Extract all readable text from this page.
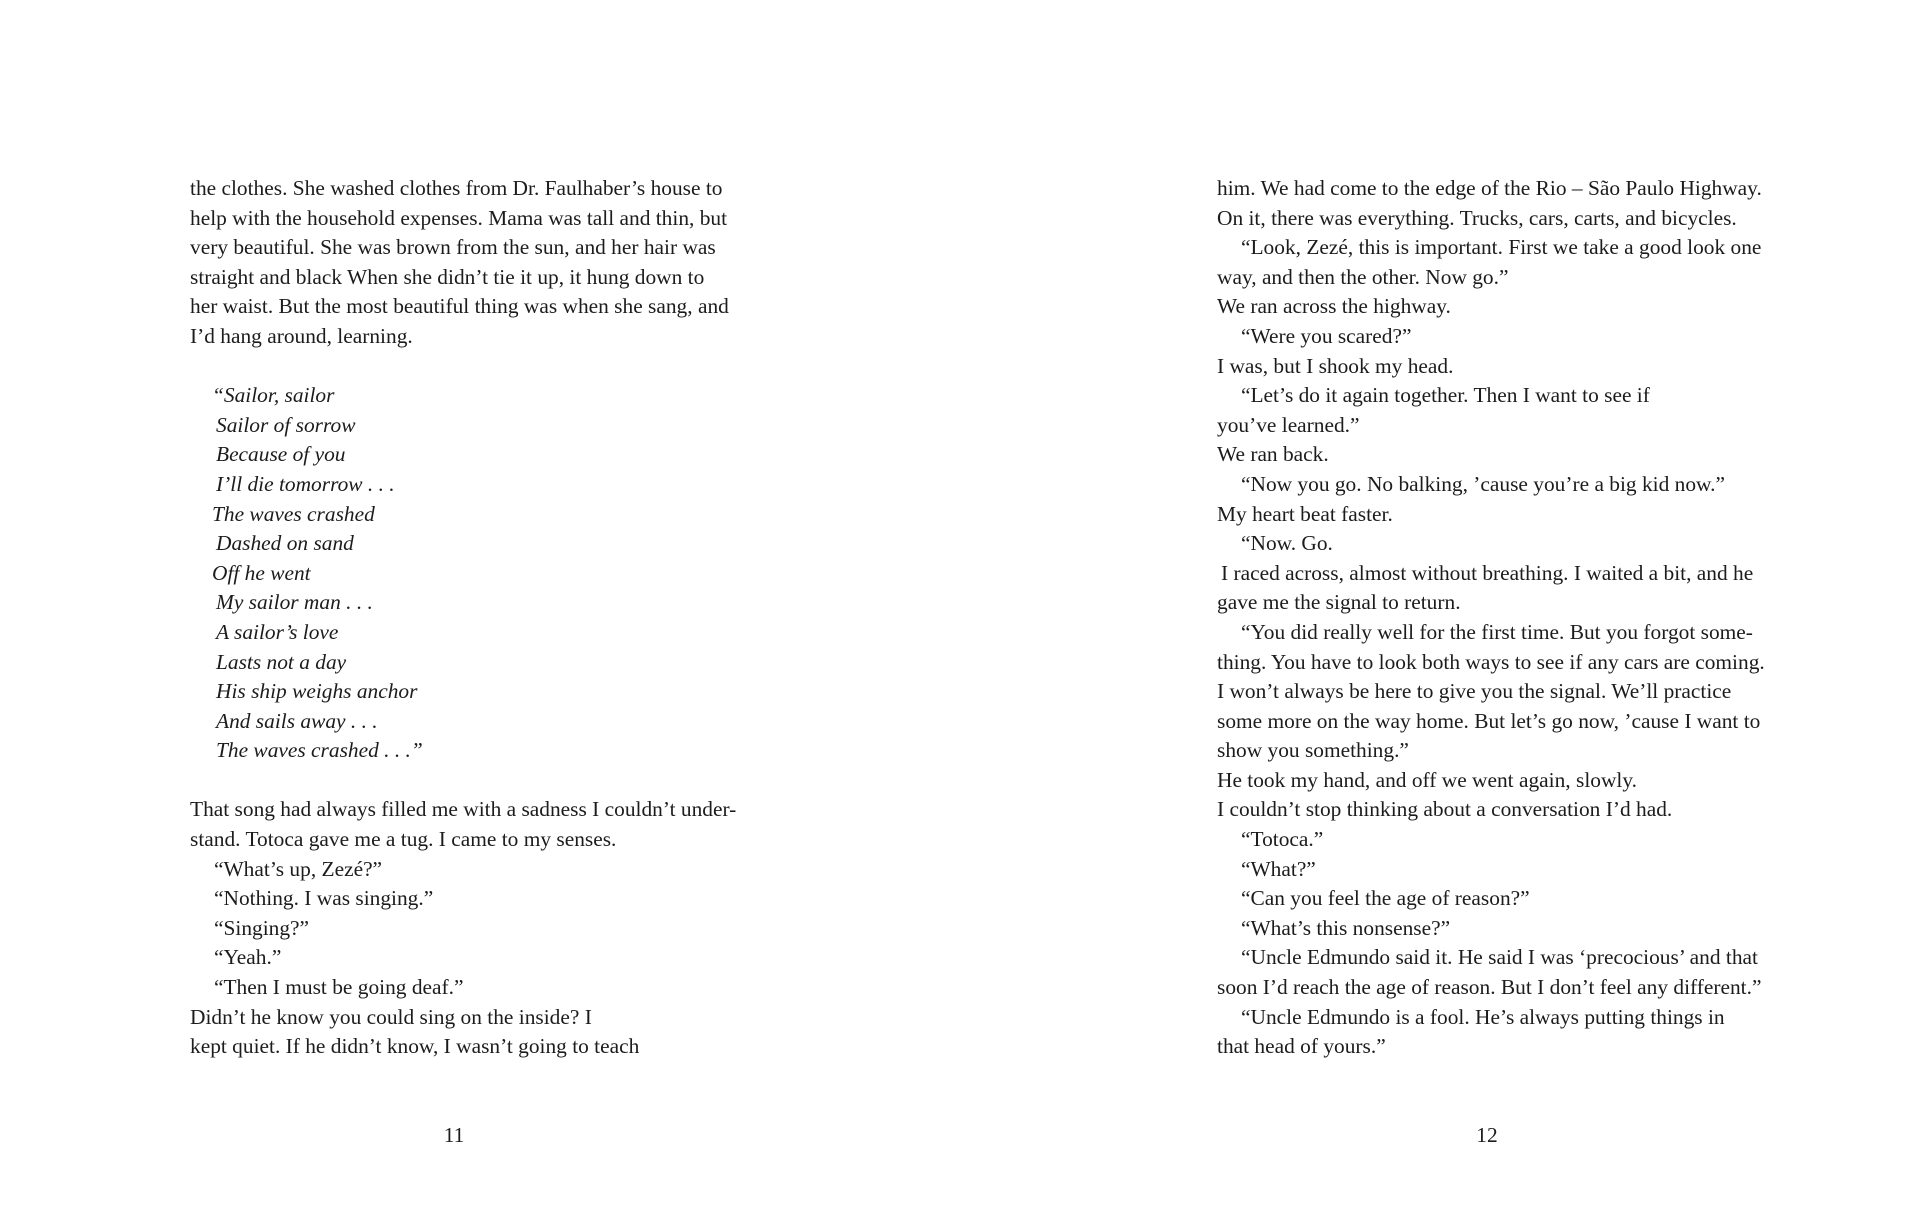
the clothes. She washed clothes from Dr. Faulhaber’s house to
help with the household expenses. Mama was tall and thin, but
very beautiful. She was brown from the sun, and her hair was
straight and black When she didn’t tie it up, it hung down to
her waist. But the most beautiful thing was when she sang, and
I’d hang around, learning.
“Sailor, sailor
Sailor of sorrow
Because of you
I’ll die tomorrow . . .
The waves crashed
Dashed on sand
Off he went
My sailor man . . .
A sailor’s love
Lasts not a day
His ship weighs anchor
And sails away . . .
The waves crashed . . .”
That song had always filled me with a sadness I couldn’t under-
stand. Totoca gave me a tug. I came to my senses.
“What’s up, Zezé?”
“Nothing. I was singing.”
“Singing?”
“Yeah.”
“Then I must be going deaf.”
Didn’t he know you could sing on the inside? I
kept quiet. If he didn’t know, I wasn’t going to teach
11
him. We had come to the edge of the Rio – São Paulo Highway.
On it, there was everything. Trucks, cars, carts, and bicycles.
“Look, Zezé, this is important. First we take a good look one
way, and then the other. Now go.”
We ran across the highway.
“Were you scared?”
I was, but I shook my head.
“Let’s do it again together. Then I want to see if
you’ve learned.”
We ran back.
“Now you go. No balking, ’cause you’re a big kid now.”
My heart beat faster.
“Now. Go.
I raced across, almost without breathing. I waited a bit, and he
gave me the signal to return.
“You did really well for the first time. But you forgot some-
thing. You have to look both ways to see if any cars are coming.
I won’t always be here to give you the signal. We’ll practice
some more on the way home. But let’s go now, ’cause I want to
show you something.”
He took my hand, and off we went again, slowly.
I couldn’t stop thinking about a conversation I’d had.
“Totoca.”
“What?”
“Can you feel the age of reason?”
“What’s this nonsense?”
“Uncle Edmundo said it. He said I was ‘precocious’ and that
soon I’d reach the age of reason. But I don’t feel any different.”
“Uncle Edmundo is a fool. He’s always putting things in
that head of yours.”
12
